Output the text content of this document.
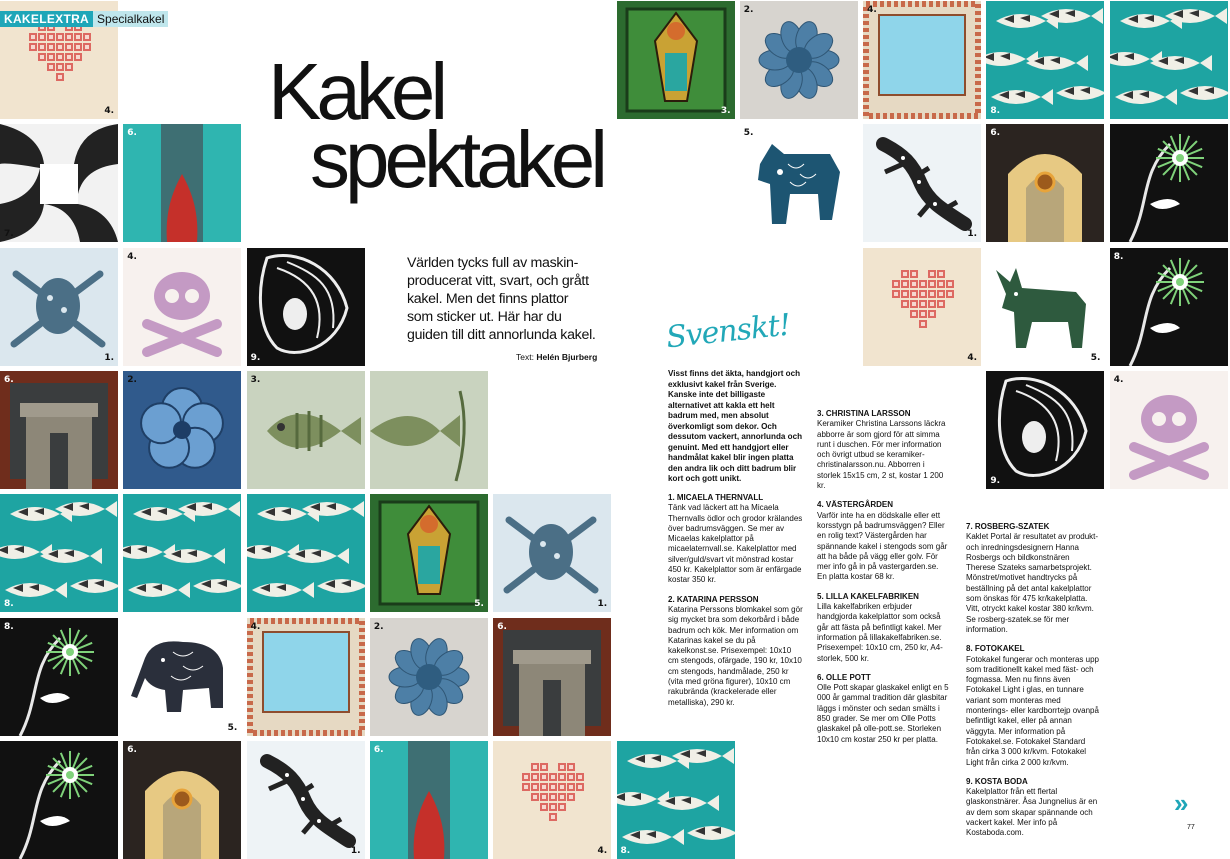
4.	3.
2.	4.
8.
7.
6.	5.
1.
6.
1.
4.
9.	4.	5.
8.
6.	2.	3.
9.
4.
8.	5.	1.
8.
5.
4.	2.	6.
6.
1.
6.
4. 8.
KAKELEXTRA Specialkakel
Kakel
spektakel
Världen tycks full av maskin-producerat vitt, svart, och grått kakel. Men det finns plattor som sticker ut. Här har du guiden till ditt annorlunda kakel.
Text: Helén Bjurberg
Svenskt!
Visst finns det äkta, handgjort och exklusivt kakel från Sverige. Kanske inte det billigaste alternativet att kakla ett helt badrum med, men absolut överkomligt som dekor. Och dessutom vackert, annorlunda och genuint. Med ett handgjort eller handmålat kakel blir ingen platta den andra lik och ditt badrum blir kort och gott unikt.

1. MICAELA THERNVALL
Tänk vad läckert att ha Micaela Thernvalls ödlor och grodor krälandes över badrumsväggen. Se mer av Micaelas kakelplattor på micaelaternvall.se. Kakelplattor med silver/guld/svart vit mönstrad kostar 450 kr. Kakelplattor som är enfärgade kostar 350 kr.

2. KATARINA PERSSON
Katarina Perssons blomkakel som gör sig mycket bra som dekorbård i både badrum och kök. Mer information om Katarinas kakel se du på kakelkonst.se. Prisexempel: 10x10 cm stengods, ofärgade, 190 kr, 10x10 cm stengods, handmålade, 250 kr (vita med gröna figurer), 10x10 cm rakubrända (krackelerade eller metalliska), 290 kr.

3. CHRISTINA LARSSON
Keramiker Christina Larssons läckra abborre är som gjord för att simma runt i duschen. För mer information och övrigt utbud se keramiker-christinalarsson.nu. Abborren i storlek 15x15 cm, 2 st, kostar 1 200 kr.

4. VÄSTERGÅRDEN
Varför inte ha en dödskalle eller ett korsstygn på badrumsväggen? Eller en rolig text? Västergården har spännande kakel i stengods som går att ha både på vägg eller golv. För mer info gå in på vastergarden.se. En platta kostar 68 kr.

5. LILLA KAKELFABRIKEN
Lilla kakelfabriken erbjuder handgjorda kakelplattor som också går att fästa på befintligt kakel. Mer information på lillakakelfabriken.se. Prisexempel: 10x10 cm, 250 kr, A4-storlek, 500 kr.

6. OLLE POTT
Olle Pott skapar glaskakel enligt en 5 000 år gammal tradition där glasbitar läggs i mönster och sedan smälts i 850 grader. Se mer om Olle Potts glaskakel på olle-pott.se. Storleken 10x10 cm kostar 250 kr per platta.

7. ROSBERG-SZATEK
Kaklet Portal är resultatet av produkt- och inredningsdesignern Hanna Rosbergs och bildkonstnären Therese Szateks samarbetsprojekt. Mönstret/motivet handtrycks på beställning på det antal kakelplattor som önskas för 475 kr/kakelplatta. Vitt, otryckt kakel kostar 380 kr/kvm. Se rosberg-szatek.se för mer information.

8. FOTOKAKEL
Fotokakel fungerar och monteras upp som traditionellt kakel med fäst- och fogmassa. Men nu finns även Fotokakel Light i glas, en tunnare variant som monteras med monterings- eller kardborrtejp ovanpå befintligt kakel, eller på annan väggyta. Mer information på Fotokakel.se. Fotokakel Standard från cirka 3 000 kr/kvm. Fotokakel Light från cirka 2 000 kr/kvm.

9. KOSTA BODA
Kakelplattor från ett flertal glaskonstnärer. Åsa Jungnelius är en av dem som skapar spännande och vackert kakel. Mer info på Kostaboda.com.

»
77
